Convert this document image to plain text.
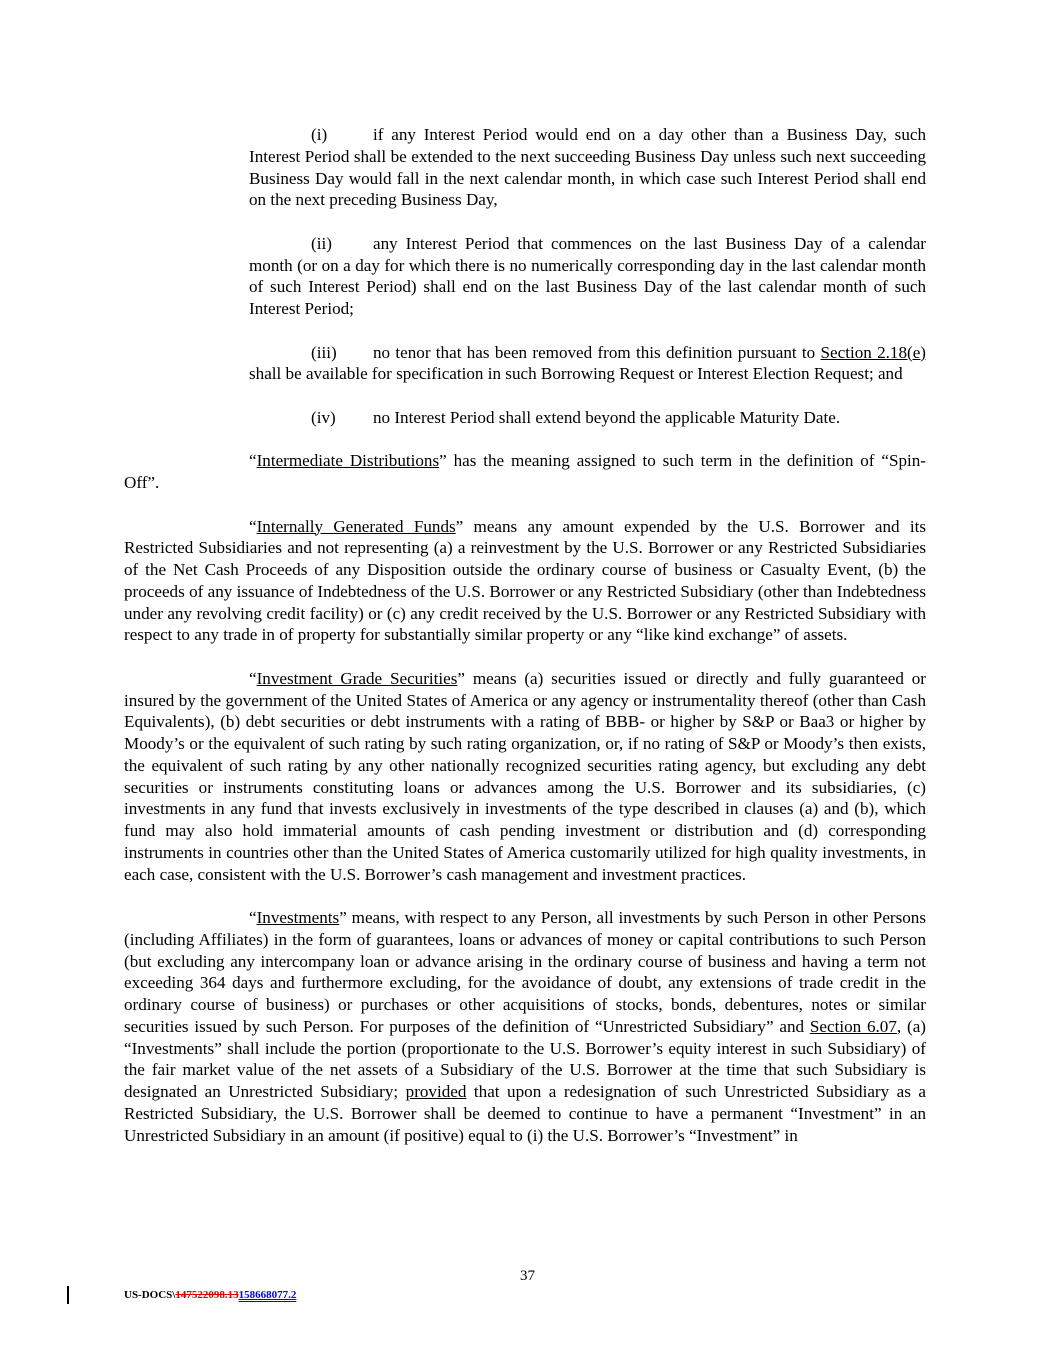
(i)	if any Interest Period would end on a day other than a Business Day, such Interest Period shall be extended to the next succeeding Business Day unless such next succeeding Business Day would fall in the next calendar month, in which case such Interest Period shall end on the next preceding Business Day,

(ii) any Interest Period that commences on the last Business Day of a calendar month (or on a day for which there is no numerically corresponding day in the last calendar month of such Interest Period) shall end on the last Business Day of the last calendar month of such Interest Period;

(iii) no tenor that has been removed from this definition pursuant to Section 2.18(e) shall be available for specification in such Borrowing Request or Interest Election Request; and

(iv) no Interest Period shall extend beyond the applicable Maturity Date.

“Intermediate Distributions” has the meaning assigned to such term in the definition of “Spin-Off”.

“Internally Generated Funds” means any amount expended by the U.S. Borrower and its Restricted Subsidiaries and not representing (a) a reinvestment by the U.S. Borrower or any Restricted Subsidiaries of the Net Cash Proceeds of any Disposition outside the ordinary course of business or Casualty Event, (b) the proceeds of any issuance of Indebtedness of the U.S. Borrower or any Restricted Subsidiary (other than Indebtedness under any revolving credit facility) or (c) any credit received by the U.S. Borrower or any Restricted Subsidiary with respect to any trade in of property for substantially similar property or any “like kind exchange” of assets.

“Investment Grade Securities” means (a) securities issued or directly and fully guaranteed or insured by the government of the United States of America or any agency or instrumentality thereof (other than Cash Equivalents), (b) debt securities or debt instruments with a rating of BBB- or higher by S&P or Baa3 or higher by Moody’s or the equivalent of such rating by such rating organization, or, if no rating of S&P or Moody’s then exists, the equivalent of such rating by any other nationally recognized securities rating agency, but excluding any debt securities or instruments constituting loans or advances among the U.S. Borrower and its subsidiaries, (c) investments in any fund that invests exclusively in investments of the type described in clauses (a) and (b), which fund may also hold immaterial amounts of cash pending investment or distribution and (d) corresponding instruments in countries other than the United States of America customarily utilized for high quality investments, in each case, consistent with the U.S. Borrower’s cash management and investment practices.

“Investments” means, with respect to any Person, all investments by such Person in other Persons (including Affiliates) in the form of guarantees, loans or advances of money or capital contributions to such Person (but excluding any intercompany loan or advance arising in the ordinary course of business and having a term not exceeding 364 days and furthermore excluding, for the avoidance of doubt, any extensions of trade credit in the ordinary course of business) or purchases or other acquisitions of stocks, bonds, debentures, notes or similar securities issued by such Person. For purposes of the definition of “Unrestricted Subsidiary” and Section 6.07, (a) “Investments” shall include the portion (proportionate to the U.S. Borrower’s equity interest in such Subsidiary) of the fair market value of the net assets of a Subsidiary of the U.S. Borrower at the time that such Subsidiary is designated an Unrestricted Subsidiary; provided that upon a redesignation of such Unrestricted Subsidiary as a Restricted Subsidiary, the U.S. Borrower shall be deemed to continue to have a permanent “Investment” in an Unrestricted Subsidiary in an amount (if positive) equal to (i) the U.S. Borrower’s “Investment” in

37
US-DOCS\147522098.13158668077.2
